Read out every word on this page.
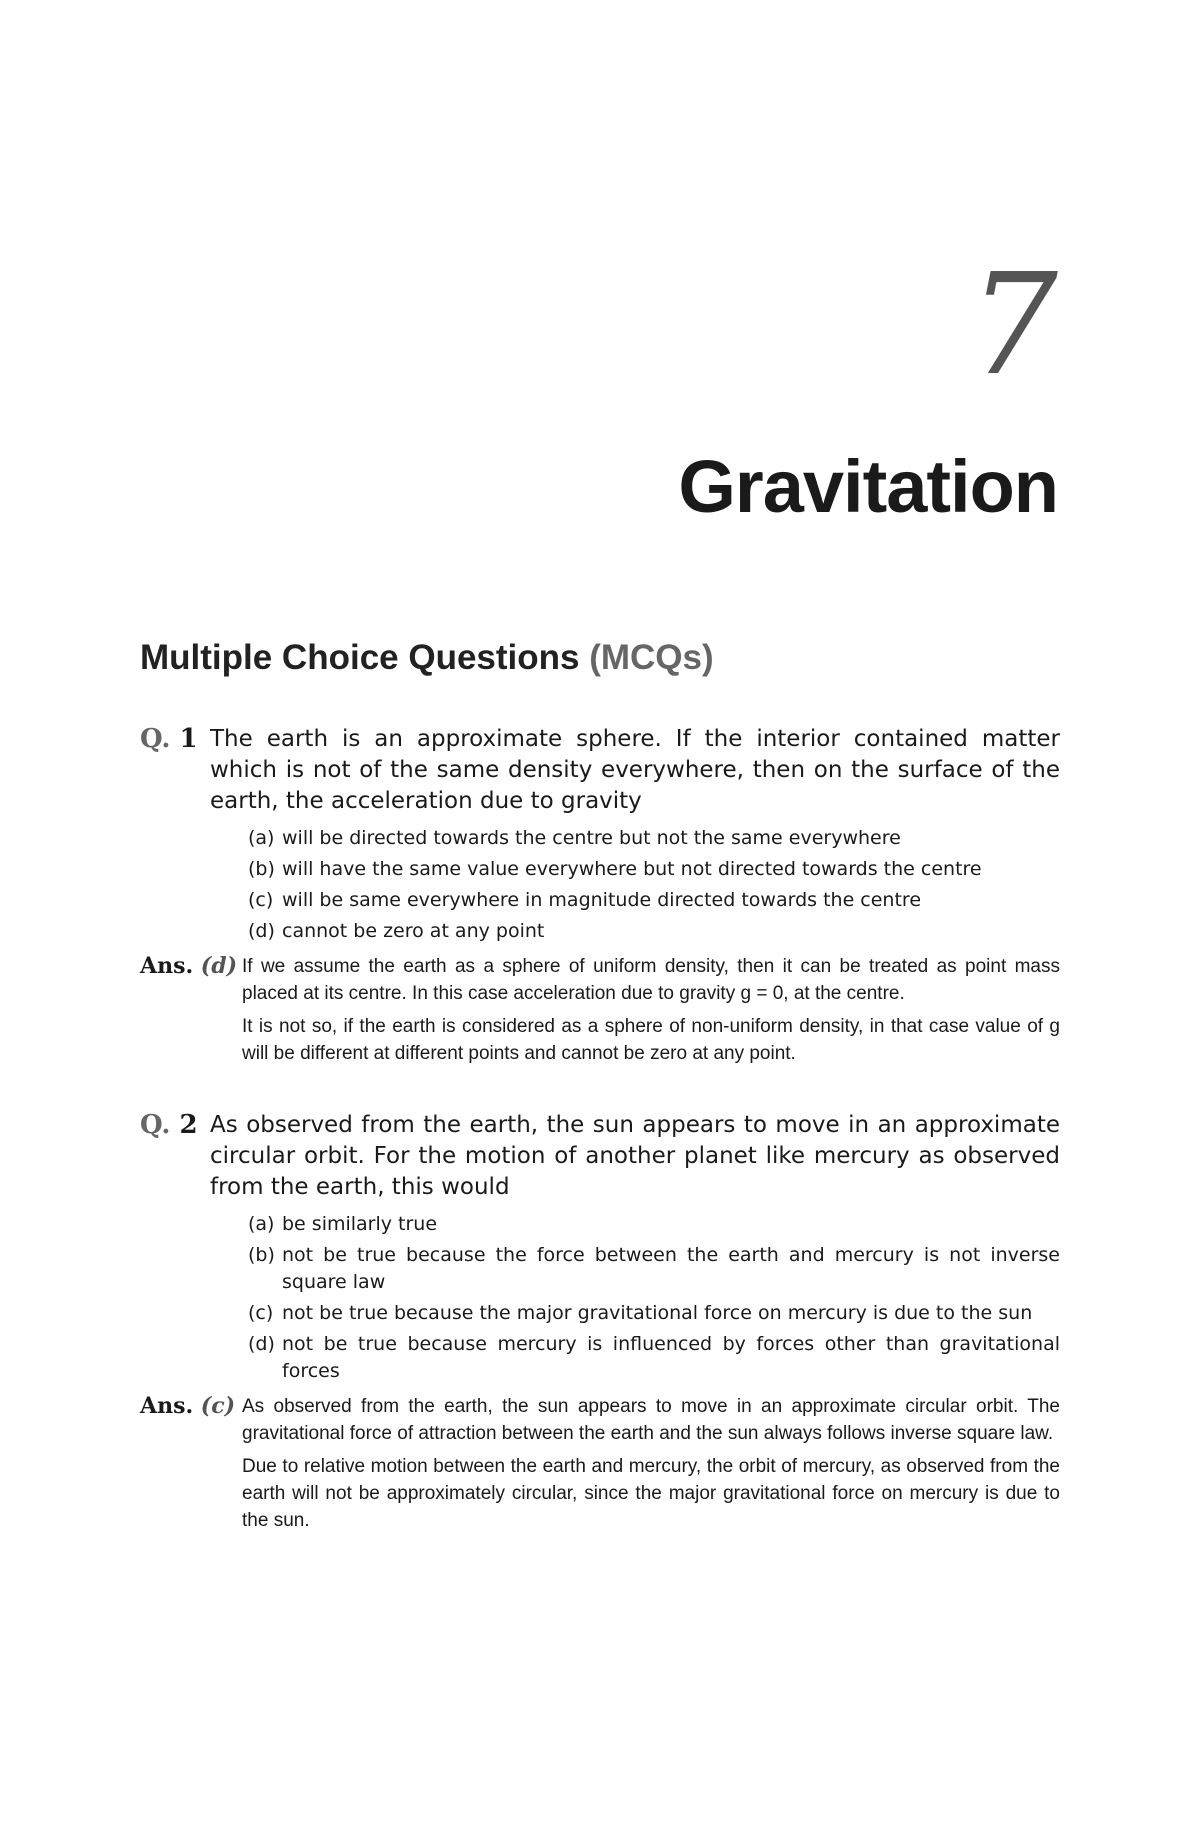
7
Gravitation
Multiple Choice Questions (MCQs)
Q. 1 The earth is an approximate sphere. If the interior contained matter which is not of the same density everywhere, then on the surface of the earth, the acceleration due to gravity
(a) will be directed towards the centre but not the same everywhere
(b) will have the same value everywhere but not directed towards the centre
(c) will be same everywhere in magnitude directed towards the centre
(d) cannot be zero at any point
Ans. (d) If we assume the earth as a sphere of uniform density, then it can be treated as point mass placed at its centre. In this case acceleration due to gravity g = 0, at the centre.

It is not so, if the earth is considered as a sphere of non-uniform density, in that case value of g will be different at different points and cannot be zero at any point.

Q. 2 As observed from the earth, the sun appears to move in an approximate circular orbit. For the motion of another planet like mercury as observed from the earth, this would
(a) be similarly true
(b) not be true because the force between the earth and mercury is not inverse square law
(c) not be true because the major gravitational force on mercury is due to the sun
(d) not be true because mercury is influenced by forces other than gravitational forces
Ans. (c) As observed from the earth, the sun appears to move in an approximate circular orbit. The gravitational force of attraction between the earth and the sun always follows inverse square law.

Due to relative motion between the earth and mercury, the orbit of mercury, as observed from the earth will not be approximately circular, since the major gravitational force on mercury is due to the sun.
